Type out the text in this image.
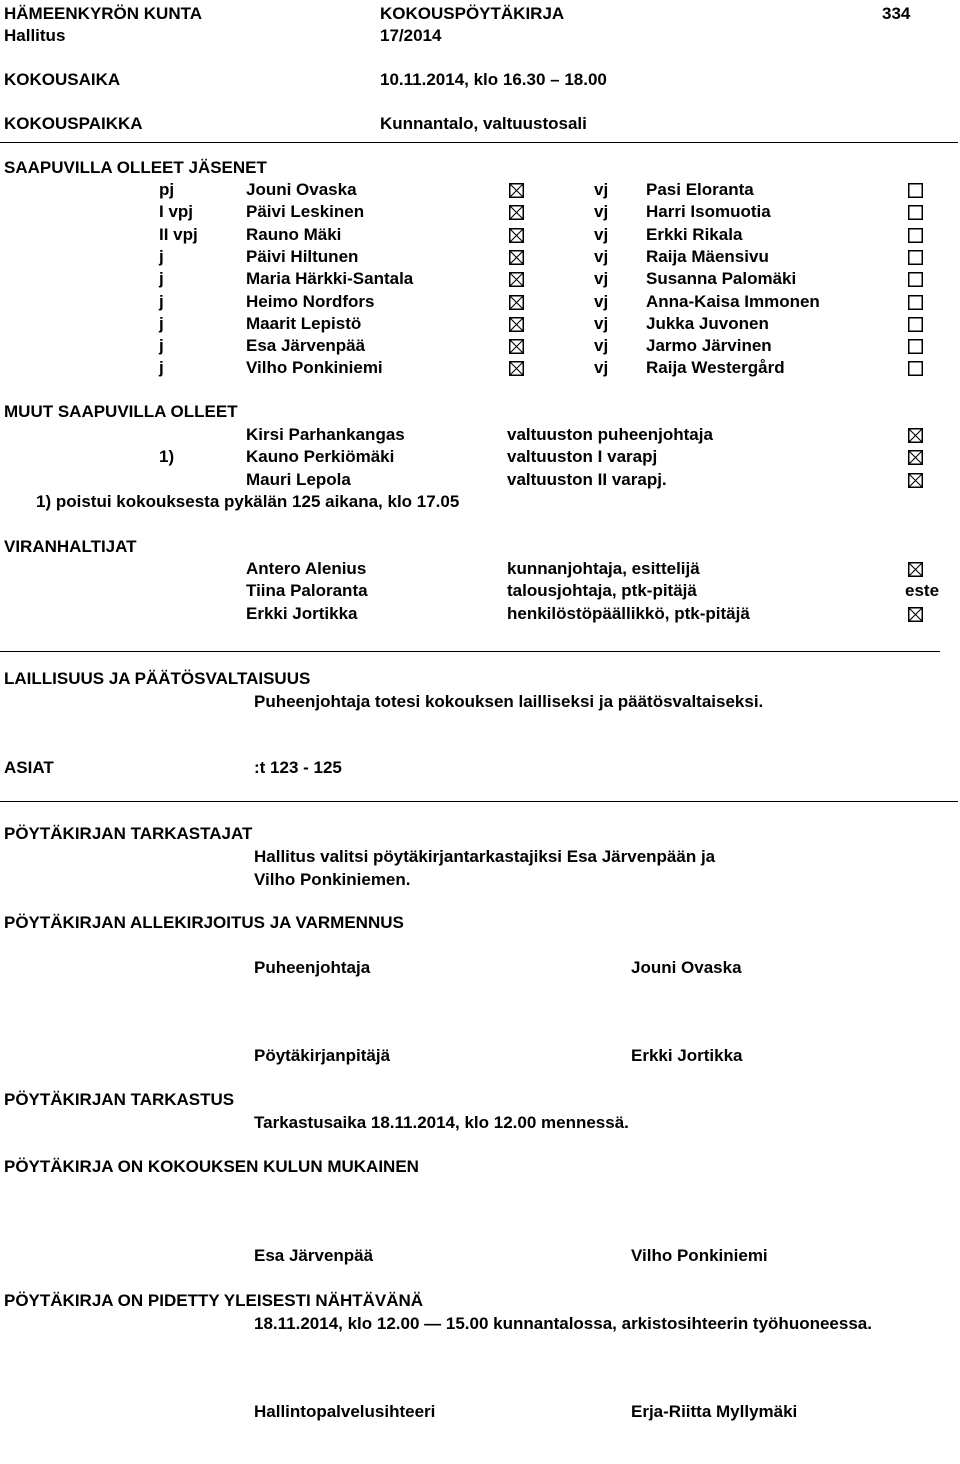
HÄMEENKYRÖN KUNTA	KOKOUSPÖYTÄKIRJA	334
Hallitus	17/2014
KOKOUSAIKA	10.11.2014, klo 16.30 – 18.00
KOKOUSPAIKKA	Kunnantalo, valtuustosali
SAAPUVILLA OLLEET JÄSENET
pj	Jouni Ovaska	vj Pasi Eloranta
I vpj	Päivi Leskinen	vj Harri Isomuotia
II vpj	Rauno Mäki	vj Erkki Rikala
j	Päivi Hiltunen	vj Raija Mäensivu
j	Maria Härkki-Santala	vj Susanna Palomäki
j	Heimo Nordfors	vj Anna-Kaisa Immonen
j	Maarit Lepistö	vj Jukka Juvonen
j	Esa Järvenpää	vj Jarmo Järvinen
j	Vilho Ponkiniemi	vj Raija Westergård
MUUT SAAPUVILLA OLLEET
Kirsi Parhankangas	valtuuston puheenjohtaja
1)	Kauno Perkiömäki	valtuuston I varapj
Mauri Lepola	valtuuston II varapj.
1) poistui kokouksesta pykälän 125 aikana, klo 17.05
VIRANHALTIJAT
Antero Alenius	kunnanjohtaja, esittelijä
Tiina Paloranta	talousjohtaja, ptk-pitäjä	este
Erkki Jortikka	henkilöstöpäällikkö, ptk-pitäjä
LAILLISUUS JA PÄÄTÖSVALTAISUUS
Puheenjohtaja totesi kokouksen lailliseksi ja päätösvaltaiseksi.
ASIAT	:t 123 - 125
PÖYTÄKIRJAN TARKASTAJAT
Hallitus valitsi pöytäkirjantarkastajiksi Esa Järvenpään ja
Vilho Ponkiniemen.
PÖYTÄKIRJAN ALLEKIRJOITUS JA VARMENNUS
Puheenjohtaja	Jouni Ovaska
Pöytäkirjanpitäjä	Erkki Jortikka
PÖYTÄKIRJAN TARKASTUS
Tarkastusaika 18.11.2014, klo 12.00 mennessä.
PÖYTÄKIRJA ON KOKOUKSEN KULUN MUKAINEN
Esa Järvenpää	Vilho Ponkiniemi
PÖYTÄKIRJA ON PIDETTY YLEISESTI NÄHTÄVÄNÄ
18.11.2014, klo 12.00 — 15.00 kunnantalossa, arkistosihteerin työhuoneessa.
Hallintopalvelusihteeri	Erja-Riitta Myllymäki
